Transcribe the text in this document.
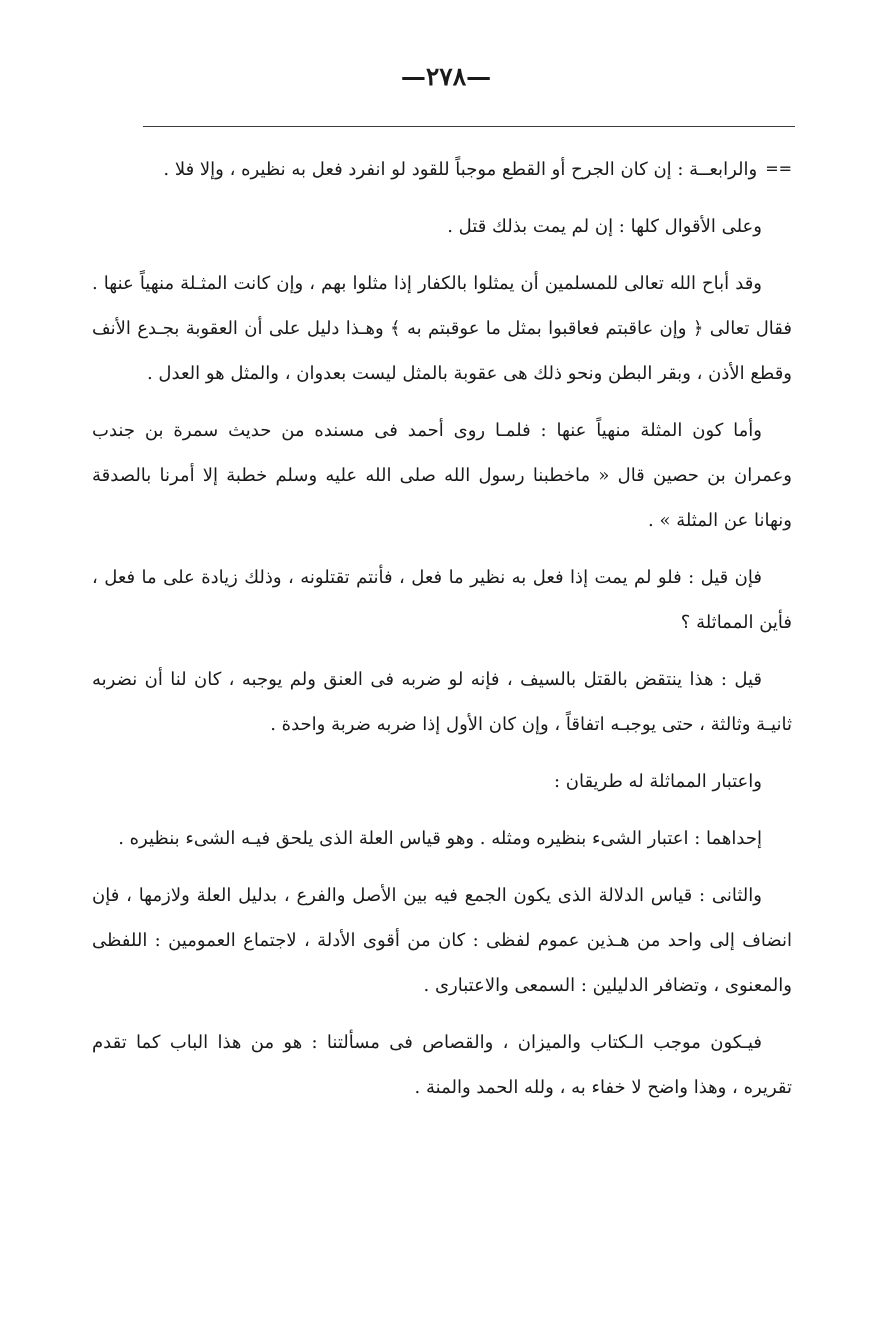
—٢٧٨—

==والرابعــة : إن كان الجرح أو القطع موجباً للقود لو انفرد فعل به نظيره ، وإلا فلا .

وعلى الأقوال كلها : إن لم يمت بذلك قتل .

وقد أباح الله تعالى للمسلمين أن يمثلوا بالكفار إذا مثلوا بهم ، وإن كانت المثـلة منهياً عنها . فقال تعالى ﴿ وإن عاقبتم فعاقبوا بمثل ما عوقبتم به ﴾ وهـذا دليل على أن العقوبة بجـدع الأنف وقطع الأذن ، وبقر البطن ونحو ذلك هى عقوبة بالمثل ليست بعدوان ، والمثل هو العدل .

وأما كون المثلة منهياً عنها : فلمـا روى أحمد فى مسنده من حديث سمرة بن جندب وعمران بن حصين قال « ماخطبنا رسول الله صلى الله عليه وسلم خطبة إلا أمرنا بالصدقة ونهانا عن المثلة » .

فإن قيل : فلو لم يمت إذا فعل به نظير ما فعل ، فأنتم تقتلونه ، وذلك زيادة على ما فعل ، فأين المماثلة ؟

قيل : هذا ينتقض بالقتل بالسيف ، فإنه لو ضربه فى العنق ولم يوجبه ، كان لنا أن نضربه ثانيـة وثالثة ، حتى يوجبـه اتفاقاً ، وإن كان الأول إذا ضربه ضربة واحدة .

واعتبار المماثلة له طريقان :

إحداهما : اعتبار الشىء بنظيره ومثله . وهو قياس العلة الذى يلحق فيـه الشىء بنظيره .

والثانى : قياس الدلالة الذى يكون الجمع فيه بين الأصل والفرع ، بدليل العلة ولازمها ، فإن انضاف إلى واحد من هـذين عموم لفظى : كان من أقوى الأدلة ، لاجتماع العمومين : اللفظى والمعنوى ، وتضافر الدليلين : السمعى والاعتبارى .

فيـكون موجب الـكتاب والميزان ، والقصاص فى مسألتنا : هو من هذا الباب كما تقدم تقريره ، وهذا واضح لا خفاء به ، ولله الحمد والمنة .
